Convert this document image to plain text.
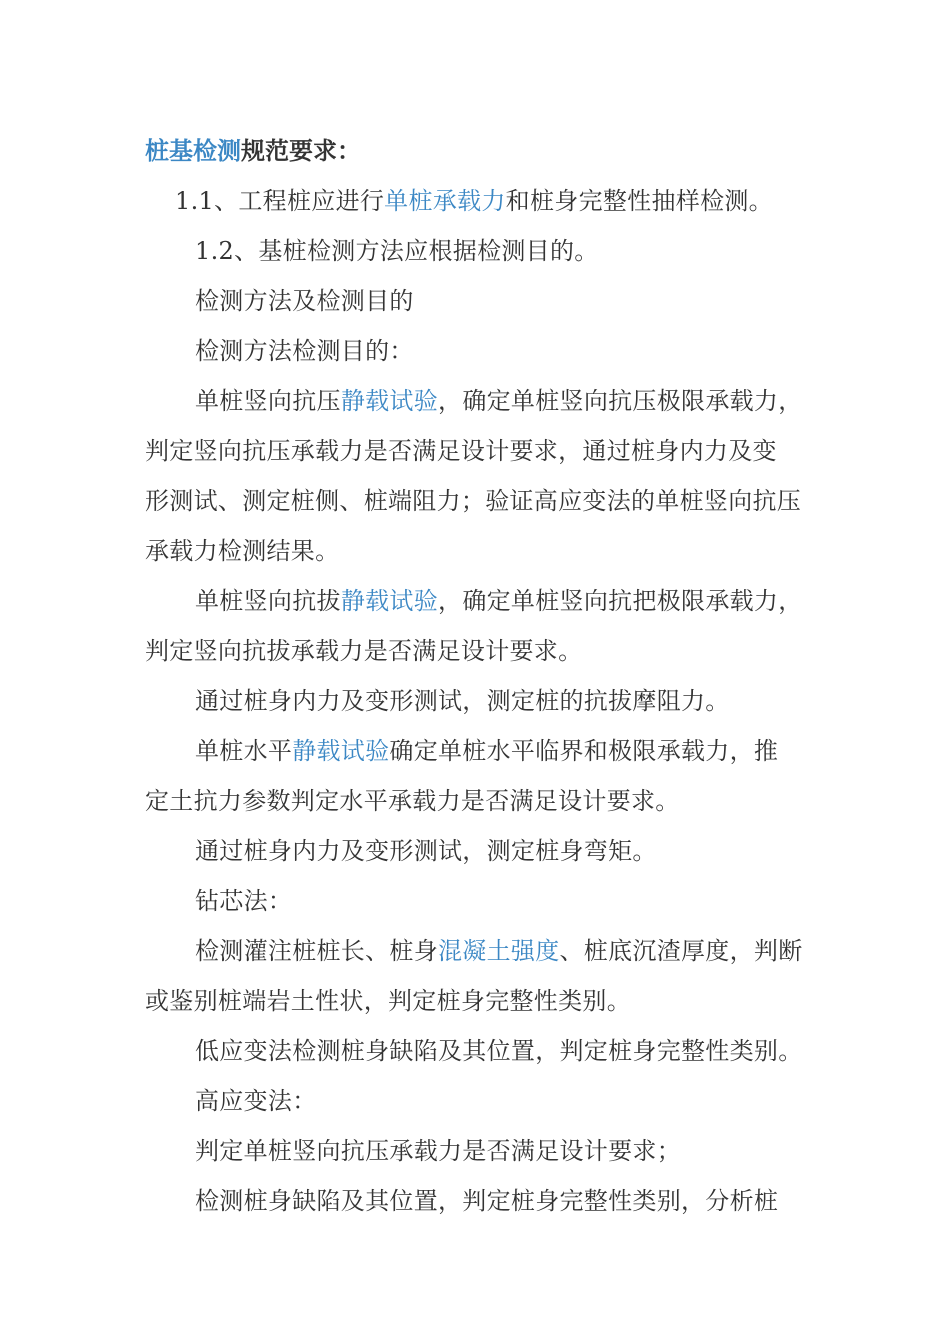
桩基检测规范要求：

1.1、工程桩应进行单桩承载力和桩身完整性抽样检测。

1.2、基桩检测方法应根据检测目的。

检测方法及检测目的

检测方法检测目的：

单桩竖向抗压静载试验，确定单桩竖向抗压极限承载力，

判定竖向抗压承载力是否满足设计要求，通过桩身内力及变

形测试、测定桩侧、桩端阻力；验证高应变法的单桩竖向抗压

承载力检测结果。

单桩竖向抗拔静载试验，确定单桩竖向抗把极限承载力，

判定竖向抗拔承载力是否满足设计要求。

通过桩身内力及变形测试，测定桩的抗拔摩阻力。

单桩水平静载试验确定单桩水平临界和极限承载力，推

定土抗力参数判定水平承载力是否满足设计要求。

通过桩身内力及变形测试，测定桩身弯矩。

钻芯法：

检测灌注桩桩长、桩身混凝土强度、桩底沉渣厚度，判断

或鉴别桩端岩土性状，判定桩身完整性类别。

低应变法检测桩身缺陷及其位置，判定桩身完整性类别。

高应变法：

判定单桩竖向抗压承载力是否满足设计要求；

检测桩身缺陷及其位置，判定桩身完整性类别，分析桩
